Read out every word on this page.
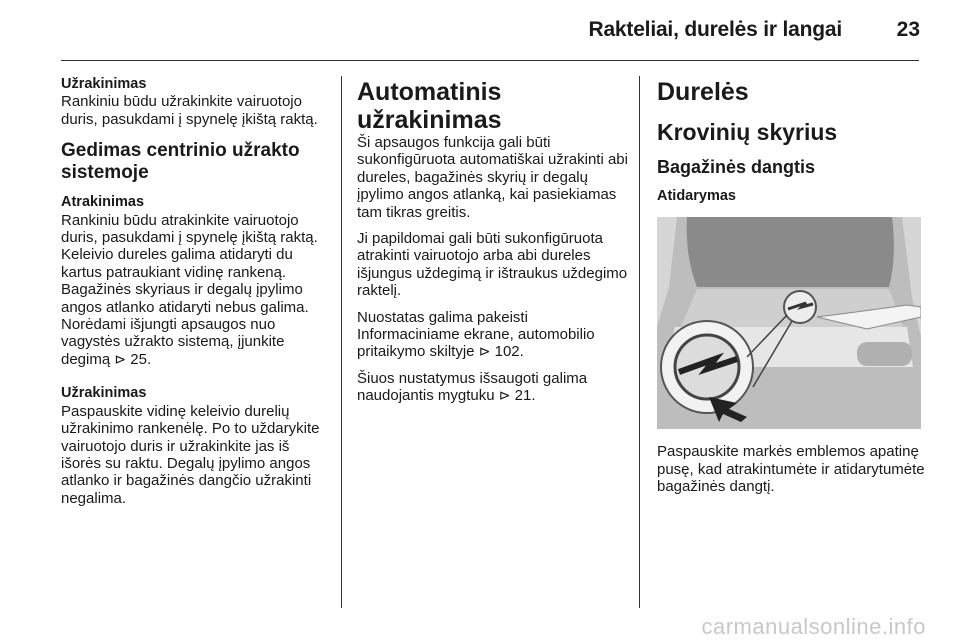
Rakteliai, durelės ir langai	23

Užrakinimas

Rankiniu būdu užrakinkite vairuotojo duris, pasukdami į spynelę įkištą raktą.

Gedimas centrinio užrakto sistemoje

Atrakinimas

Rankiniu būdu atrakinkite vairuotojo duris, pasukdami į spynelę įkištą raktą. Keleivio dureles galima atidaryti du kartus patraukiant vidinę rankeną. Bagažinės skyriaus ir degalų įpylimo angos atlanko atidaryti nebus galima. Norėdami išjungti apsaugos nuo vagystės užrakto sistemą, įjunkite degimą ⊳ 25.

Užrakinimas

Paspauskite vidinę keleivio durelių užrakinimo rankenėlę. Po to uždarykite vairuotojo duris ir užrakinkite jas iš išorės su raktu. Degalų įpylimo angos atlanko ir bagažinės dangčio užrakinti negalima.

Automatinis užrakinimas

Ši apsaugos funkcija gali būti sukonfigūruota automatiškai užrakinti abi dureles, bagažinės skyrių ir degalų įpylimo angos atlanką, kai pasiekiamas tam tikras greitis.

Ji papildomai gali būti sukonfigūruota atrakinti vairuotojo arba abi dureles išjungus uždegimą ir ištraukus uždegimo raktelį.

Nuostatas galima pakeisti Informaciniame ekrane, automobilio pritaikymo skiltyje ⊳ 102.

Šiuos nustatymus išsaugoti galima naudojantis mygtuku ⊳ 21.

Durelės

Krovinių skyrius

Bagažinės dangtis

Atidarymas

Paspauskite markės emblemos apatinę pusę, kad atrakintumėte ir atidarytumėte bagažinės dangtį.

carmanualsonline.info
